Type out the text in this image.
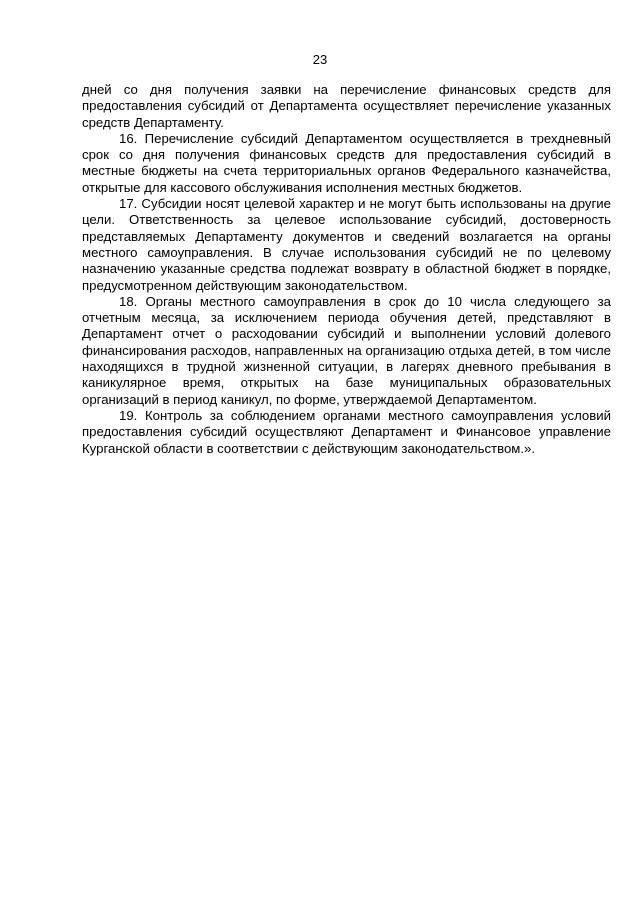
23

дней со дня получения заявки на перечисление финансовых средств для предоставления субсидий от Департамента осуществляет перечисление указанных средств Департаменту.

16. Перечисление субсидий Департаментом осуществляется в трехдневный срок со дня получения финансовых средств для предоставления субсидий в местные бюджеты на счета территориальных органов Федерального казначейства, открытые для кассового обслуживания исполнения местных бюджетов.

17. Субсидии носят целевой характер и не могут быть использованы на другие цели. Ответственность за целевое использование субсидий, достоверность представляемых Департаменту документов и сведений возлагается на органы местного самоуправления. В случае использования субсидий не по целевому назначению указанные средства подлежат возврату в областной бюджет в порядке, предусмотренном действующим законодательством.

18. Органы местного самоуправления в срок до 10 числа следующего за отчетным месяца, за исключением периода обучения детей, представляют в Департамент отчет о расходовании субсидий и выполнении условий долевого финансирования расходов, направленных на организацию отдыха детей, в том числе находящихся в трудной жизненной ситуации, в лагерях дневного пребывания в каникулярное время, открытых на базе муниципальных образовательных организаций в период каникул, по форме, утверждаемой Департаментом.

19. Контроль за соблюдением органами местного самоуправления условий предоставления субсидий осуществляют Департамент и Финансовое управление Курганской области в соответствии с действующим законодательством.».
